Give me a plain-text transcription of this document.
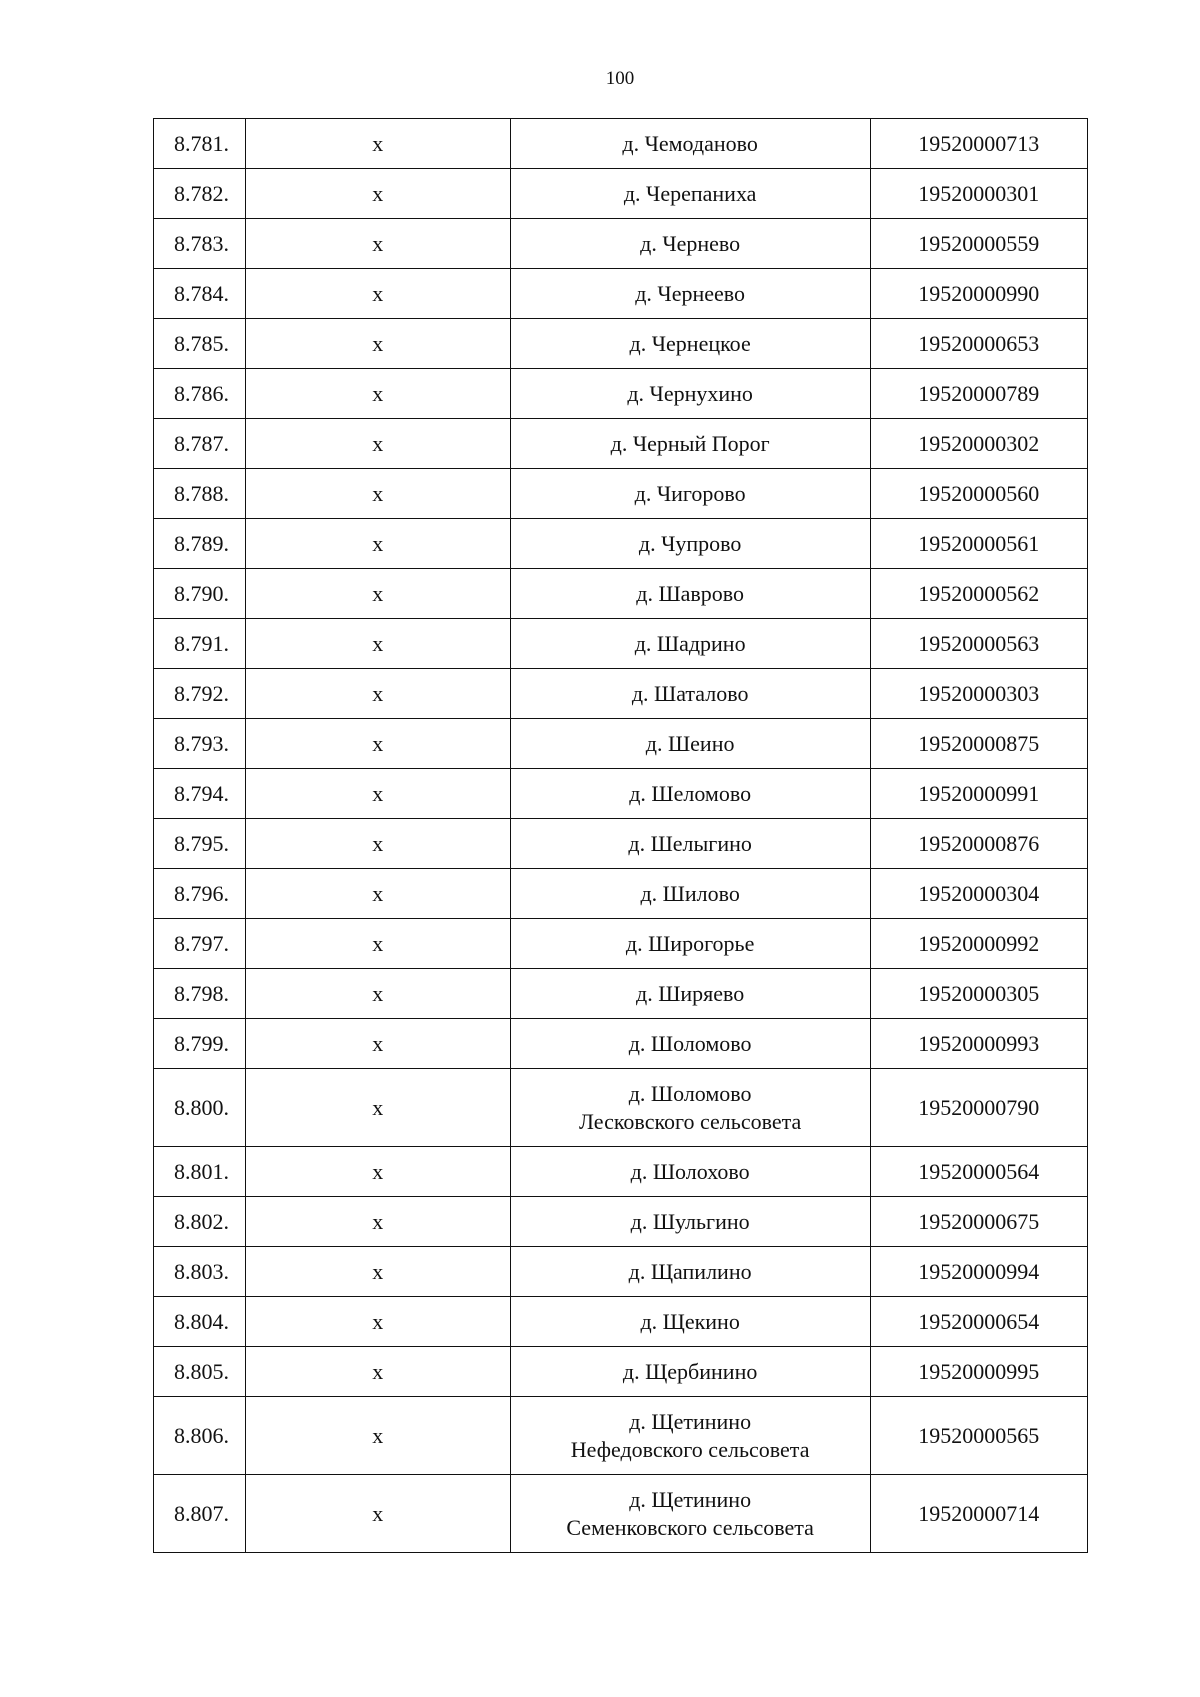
100
8.781.	x	д. Чемоданово	19520000713
8.782.	x	д. Черепаниха	19520000301
8.783.	x	д. Чернево	19520000559
8.784.	x	д. Чернеево	19520000990
8.785.	x	д. Чернецкое	19520000653
8.786.	x	д. Чернухино	19520000789
8.787.	x	д. Черный Порог	19520000302
8.788.	x	д. Чигорово	19520000560
8.789.	x	д. Чупрово	19520000561
8.790.	x	д. Шаврово	19520000562
8.791.	x	д. Шадрино	19520000563
8.792.	x	д. Шаталово	19520000303
8.793.	x	д. Шеино	19520000875
8.794.	x	д. Шеломово	19520000991
8.795.	x	д. Шелыгино	19520000876
8.796.	x	д. Шилово	19520000304
8.797.	x	д. Широгорье	19520000992
8.798.	x	д. Ширяево	19520000305
8.799.	x	д. Шоломово	19520000993
8.800.	x	д. Шоломово
Лесковского сельсовета	19520000790
8.801.	x	д. Шолохово	19520000564
8.802.	x	д. Шульгино	19520000675
8.803.	x	д. Щапилино	19520000994
8.804.	x	д. Щекино	19520000654
8.805.	x	д. Щербинино	19520000995
8.806.	x	д. Щетинино
Нефедовского сельсовета	19520000565
8.807.	x	д. Щетинино
Семенковского сельсовета	19520000714
